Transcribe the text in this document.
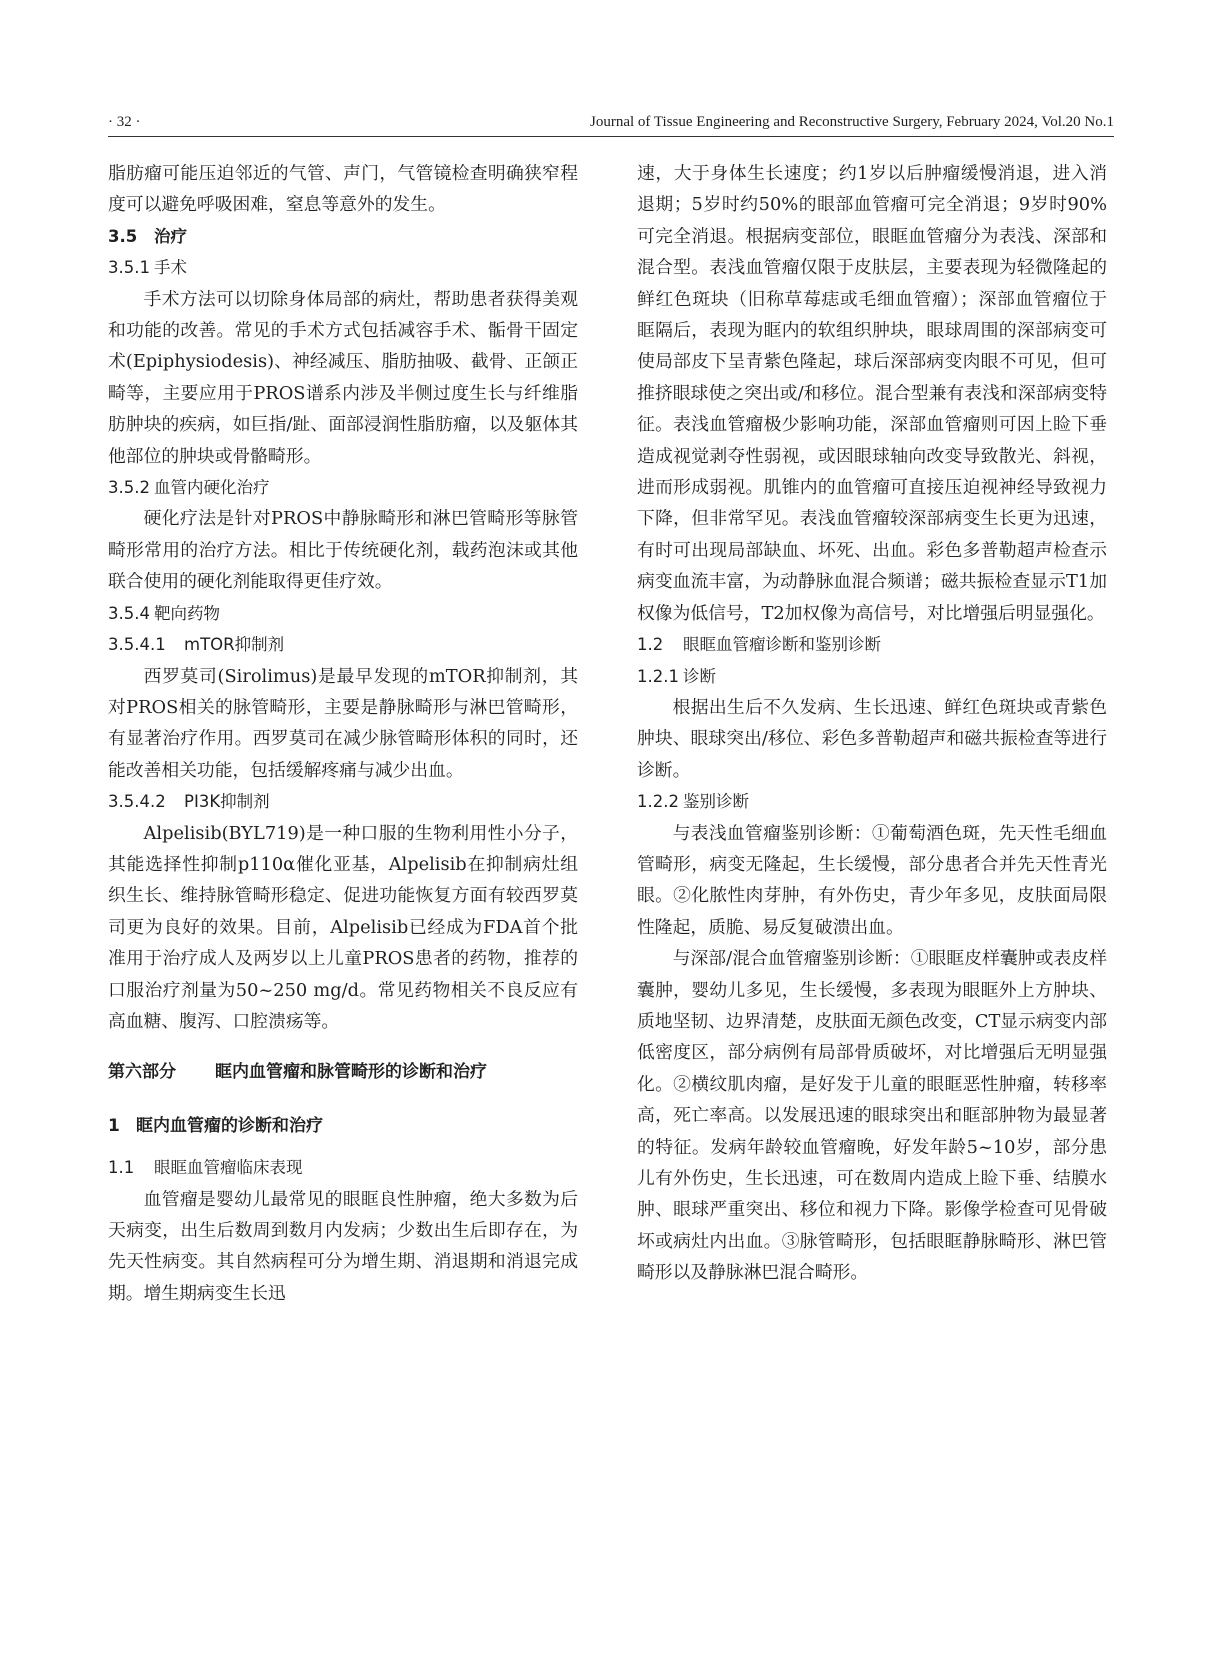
· 32 ·	Journal of Tissue Engineering and Reconstructive Surgery, February 2024, Vol.20 No.1

脂肪瘤可能压迫邻近的气管、声门，气管镜检查明确狭窄程度可以避免呼吸困难，窒息等意外的发生。

3.5 治疗
3.5.1 手术

手术方法可以切除身体局部的病灶，帮助患者获得美观和功能的改善。常见的手术方式包括减容手术、骺骨干固定术(Epiphysiodesis)、神经减压、脂肪抽吸、截骨、正颌正畸等，主要应用于PROS谱系内涉及半侧过度生长与纤维脂肪肿块的疾病，如巨指/趾、面部浸润性脂肪瘤，以及躯体其他部位的肿块或骨骼畸形。

3.5.2 血管内硬化治疗

硬化疗法是针对PROS中静脉畸形和淋巴管畸形等脉管畸形常用的治疗方法。相比于传统硬化剂，载药泡沫或其他联合使用的硬化剂能取得更佳疗效。

3.5.4 靶向药物
3.5.4.1 mTOR抑制剂

西罗莫司(Sirolimus)是最早发现的mTOR抑制剂，其对PROS相关的脉管畸形，主要是静脉畸形与淋巴管畸形，有显著治疗作用。西罗莫司在减少脉管畸形体积的同时，还能改善相关功能，包括缓解疼痛与减少出血。

3.5.4.2 PI3K抑制剂

Alpelisib(BYL719)是一种口服的生物利用性小分子，其能选择性抑制p110α催化亚基，Alpelisib在抑制病灶组织生长、维持脉管畸形稳定、促进功能恢复方面有较西罗莫司更为良好的效果。目前，Alpelisib已经成为FDA首个批准用于治疗成人及两岁以上儿童PROS患者的药物，推荐的口服治疗剂量为50~250 mg/d。常见药物相关不良反应有高血糖、腹泻、口腔溃疡等。

第六部分 眶内血管瘤和脉管畸形的诊断和治疗
1 眶内血管瘤的诊断和治疗
1.1 眼眶血管瘤临床表现

血管瘤是婴幼儿最常见的眼眶良性肿瘤，绝大多数为后天病变，出生后数周到数月内发病；少数出生后即存在，为先天性病变。其自然病程可分为增生期、消退期和消退完成期。增生期病变生长迅

速，大于身体生长速度；约1岁以后肿瘤缓慢消退，进入消退期；5岁时约50%的眼部血管瘤可完全消退；9岁时90%可完全消退。根据病变部位，眼眶血管瘤分为表浅、深部和混合型。表浅血管瘤仅限于皮肤层，主要表现为轻微隆起的鲜红色斑块（旧称草莓痣或毛细血管瘤）；深部血管瘤位于眶隔后，表现为眶内的软组织肿块，眼球周围的深部病变可使局部皮下呈青紫色隆起，球后深部病变肉眼不可见，但可推挤眼球使之突出或/和移位。混合型兼有表浅和深部病变特征。表浅血管瘤极少影响功能，深部血管瘤则可因上睑下垂造成视觉剥夺性弱视，或因眼球轴向改变导致散光、斜视，进而形成弱视。肌锥内的血管瘤可直接压迫视神经导致视力下降，但非常罕见。表浅血管瘤较深部病变生长更为迅速，有时可出现局部缺血、坏死、出血。彩色多普勒超声检查示病变血流丰富，为动静脉血混合频谱；磁共振检查显示T1加权像为低信号，T2加权像为高信号，对比增强后明显强化。

1.2 眼眶血管瘤诊断和鉴别诊断
1.2.1 诊断

根据出生后不久发病、生长迅速、鲜红色斑块或青紫色肿块、眼球突出/移位、彩色多普勒超声和磁共振检查等进行诊断。

1.2.2 鉴别诊断

与表浅血管瘤鉴别诊断：①葡萄酒色斑，先天性毛细血管畸形，病变无隆起，生长缓慢，部分患者合并先天性青光眼。②化脓性肉芽肿，有外伤史，青少年多见，皮肤面局限性隆起，质脆、易反复破溃出血。

与深部/混合血管瘤鉴别诊断：①眼眶皮样囊肿或表皮样囊肿，婴幼儿多见，生长缓慢，多表现为眼眶外上方肿块、质地坚韧、边界清楚，皮肤面无颜色改变，CT显示病变内部低密度区，部分病例有局部骨质破坏，对比增强后无明显强化。②横纹肌肉瘤，是好发于儿童的眼眶恶性肿瘤，转移率高，死亡率高。以发展迅速的眼球突出和眶部肿物为最显著的特征。发病年龄较血管瘤晚，好发年龄5~10岁，部分患儿有外伤史，生长迅速，可在数周内造成上睑下垂、结膜水肿、眼球严重突出、移位和视力下降。影像学检查可见骨破坏或病灶内出血。③脉管畸形，包括眼眶静脉畸形、淋巴管畸形以及静脉淋巴混合畸形。
